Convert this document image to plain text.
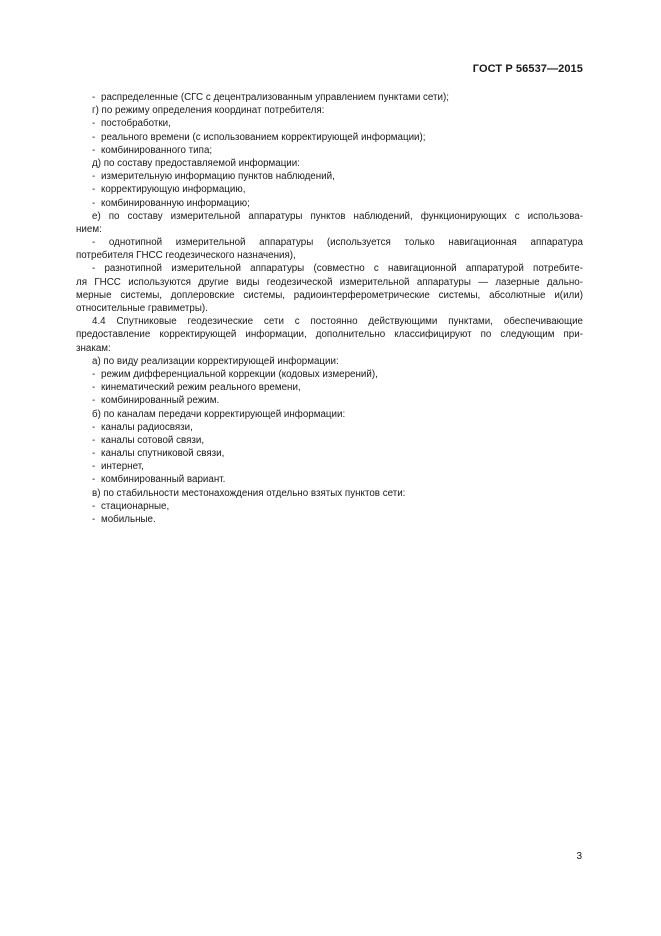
ГОСТ Р 56537—2015
- распределенные (СГС с децентрализованным управлением пунктами сети);
г) по режиму определения координат потребителя:
- постобработки,
- реального времени (с использованием корректирующей информации);
- комбинированного типа;
д) по составу предоставляемой информации:
- измерительную информацию пунктов наблюдений,
- корректирующую информацию,
- комбинированную информацию;
е) по составу измерительной аппаратуры пунктов наблюдений, функционирующих с использова-
нием:
- однотипной измерительной аппаратуры (используется только навигационная аппаратура
потребителя ГНСС геодезического назначения),
- разнотипной измерительной аппаратуры (совместно с навигационной аппаратурой потребите-
ля ГНСС используются другие виды геодезической измерительной аппаратуры — лазерные дально-
мерные системы, доплеровские системы, радиоинтерферометрические системы, абсолютные и(или)
относительные гравиметры).
4.4 Спутниковые геодезические сети с постоянно действующими пунктами, обеспечивающие
предоставление корректирующей информации, дополнительно классифицируют по следующим при-
знакам:
а) по виду реализации корректирующей информации:
- режим дифференциальной коррекции (кодовых измерений),
- кинематический режим реального времени,
- комбинированный режим.
б) по каналам передачи корректирующей информации:
- каналы радиосвязи,
- каналы сотовой связи,
- каналы спутниковой связи,
- интернет,
- комбинированный вариант.
в) по стабильности местонахождения отдельно взятых пунктов сети:
- стационарные,
- мобильные.
3
